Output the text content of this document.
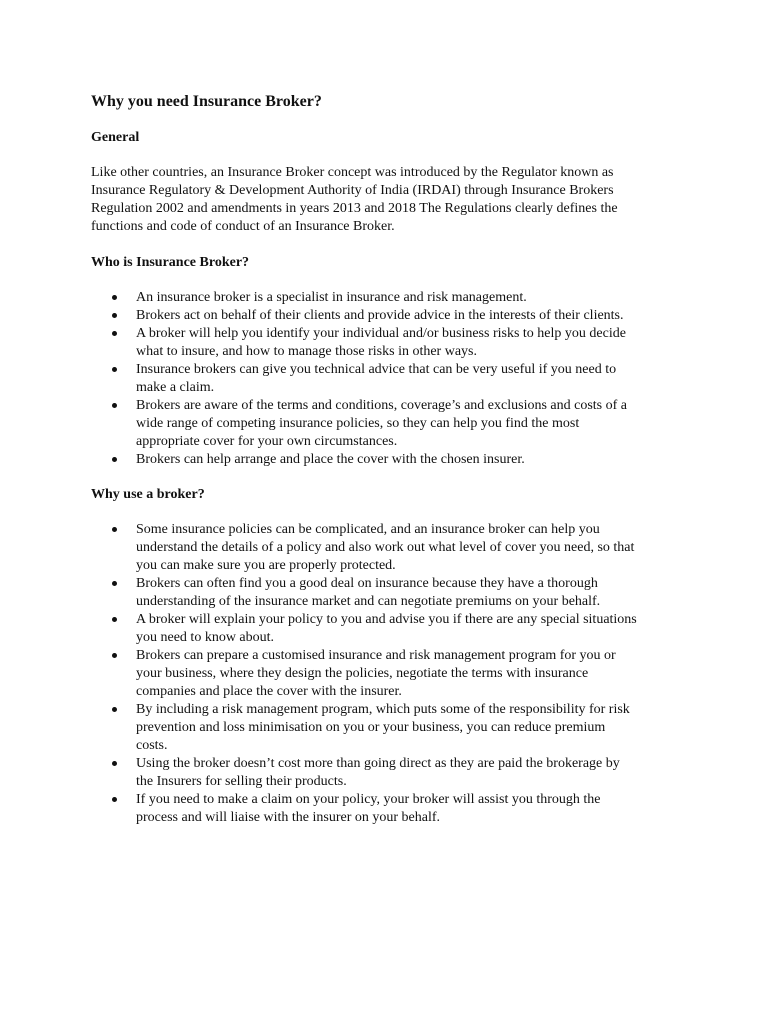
Why you need Insurance Broker?
General
Like other countries, an Insurance Broker concept was introduced by the Regulator known as
Insurance Regulatory & Development Authority of India (IRDAI) through Insurance Brokers
Regulation 2002 and amendments in years 2013 and 2018 The Regulations clearly defines the
functions and code of conduct of an Insurance Broker.
Who is Insurance Broker?
An insurance broker is a specialist in insurance and risk management.
Brokers act on behalf of their clients and provide advice in the interests of their clients.
A broker will help you identify your individual and/or business risks to help you decide
what to insure, and how to manage those risks in other ways.
Insurance brokers can give you technical advice that can be very useful if you need to
make a claim.
Brokers are aware of the terms and conditions, coverage’s and exclusions and costs of a
wide range of competing insurance policies, so they can help you find the most
appropriate cover for your own circumstances.
Brokers can help arrange and place the cover with the chosen insurer.
Why use a broker?
Some insurance policies can be complicated, and an insurance broker can help you
understand the details of a policy and also work out what level of cover you need, so that
you can make sure you are properly protected.
Brokers can often find you a good deal on insurance because they have a thorough
understanding of the insurance market and can negotiate premiums on your behalf.
A broker will explain your policy to you and advise you if there are any special situations
you need to know about.
Brokers can prepare a customised insurance and risk management program for you or
your business, where they design the policies, negotiate the terms with insurance
companies and place the cover with the insurer.
By including a risk management program, which puts some of the responsibility for risk
prevention and loss minimisation on you or your business, you can reduce premium
costs.
Using the broker doesn’t cost more than going direct as they are paid the brokerage by
the Insurers for selling their products.
If you need to make a claim on your policy, your broker will assist you through the
process and will liaise with the insurer on your behalf.
